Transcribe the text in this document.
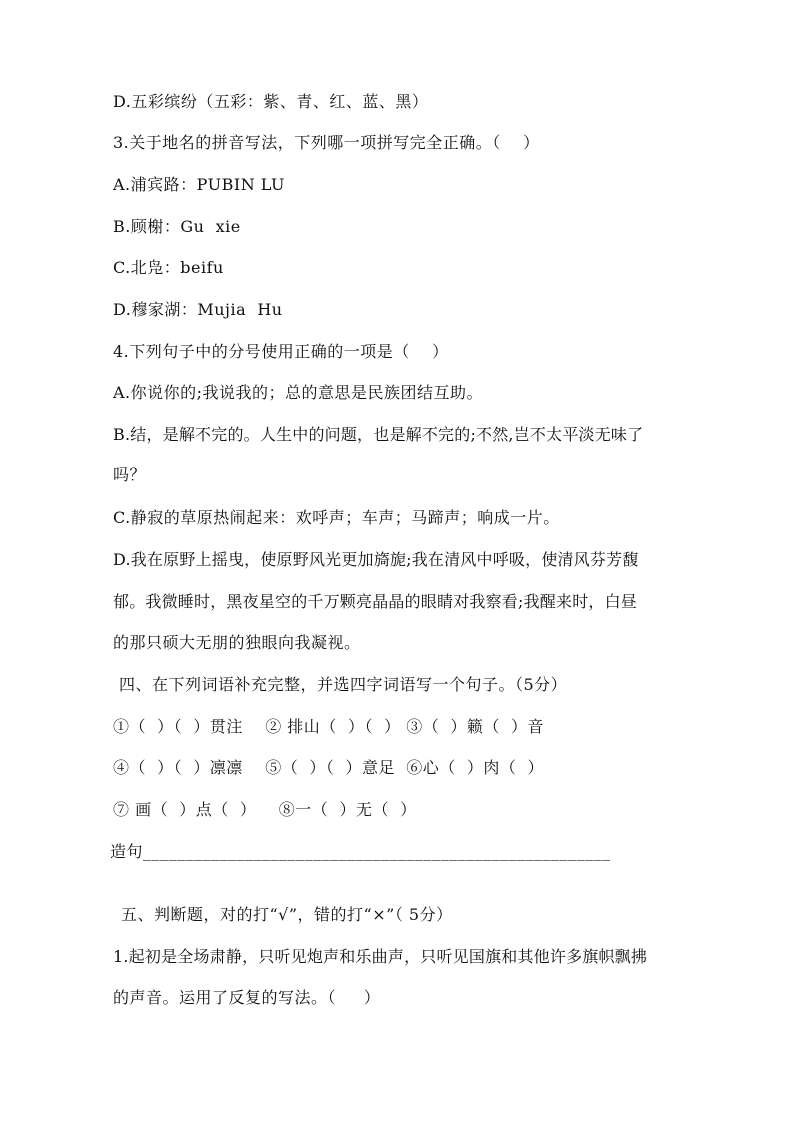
D.五彩缤纷（五彩：紫、青、红、蓝、黑）
3.关于地名的拼音写法，下列哪一项拼写完全正确。（    ）
A.浦宾路：PUBIN LU
B.顾榭：Gu  xie
C.北凫：beifu
D.穆家湖：Mujia  Hu
4.下列句子中的分号使用正确的一项是（    ）
A.你说你的;我说我的；总的意思是民族团结互助。
B.结，是解不完的。人生中的问题，也是解不完的;不然,岂不太平淡无味了
吗？
C.静寂的草原热闹起来：欢呼声；车声；马蹄声；响成一片。
D.我在原野上摇曳，使原野风光更加旖旎;我在清风中呼吸，使清风芬芳馥
郁。我微睡时，黑夜星空的千万颗亮晶晶的眼睛对我察看;我醒来时，白昼
的那只硕大无朋的独眼向我凝视。
四、在下列词语补充完整，并选四字词语写一个句子。（5分）
①（  ）（  ）贯注    ② 排山（  ）（  ） ③（  ）籁（  ）音
④（  ）（  ）凛凛    ⑤（  ）（  ）意足  ⑥心（  ）肉（  ）
⑦ 画（  ）点（  ）    ⑧一（  ）无（  ）
造句_______________________________________________________
五、判断题，对的打“√”，错的打“×”（ 5分）
1.起初是全场肃静，只听见炮声和乐曲声，只听见国旗和其他许多旗帜飘拂
的声音。运用了反复的写法。（     ）
